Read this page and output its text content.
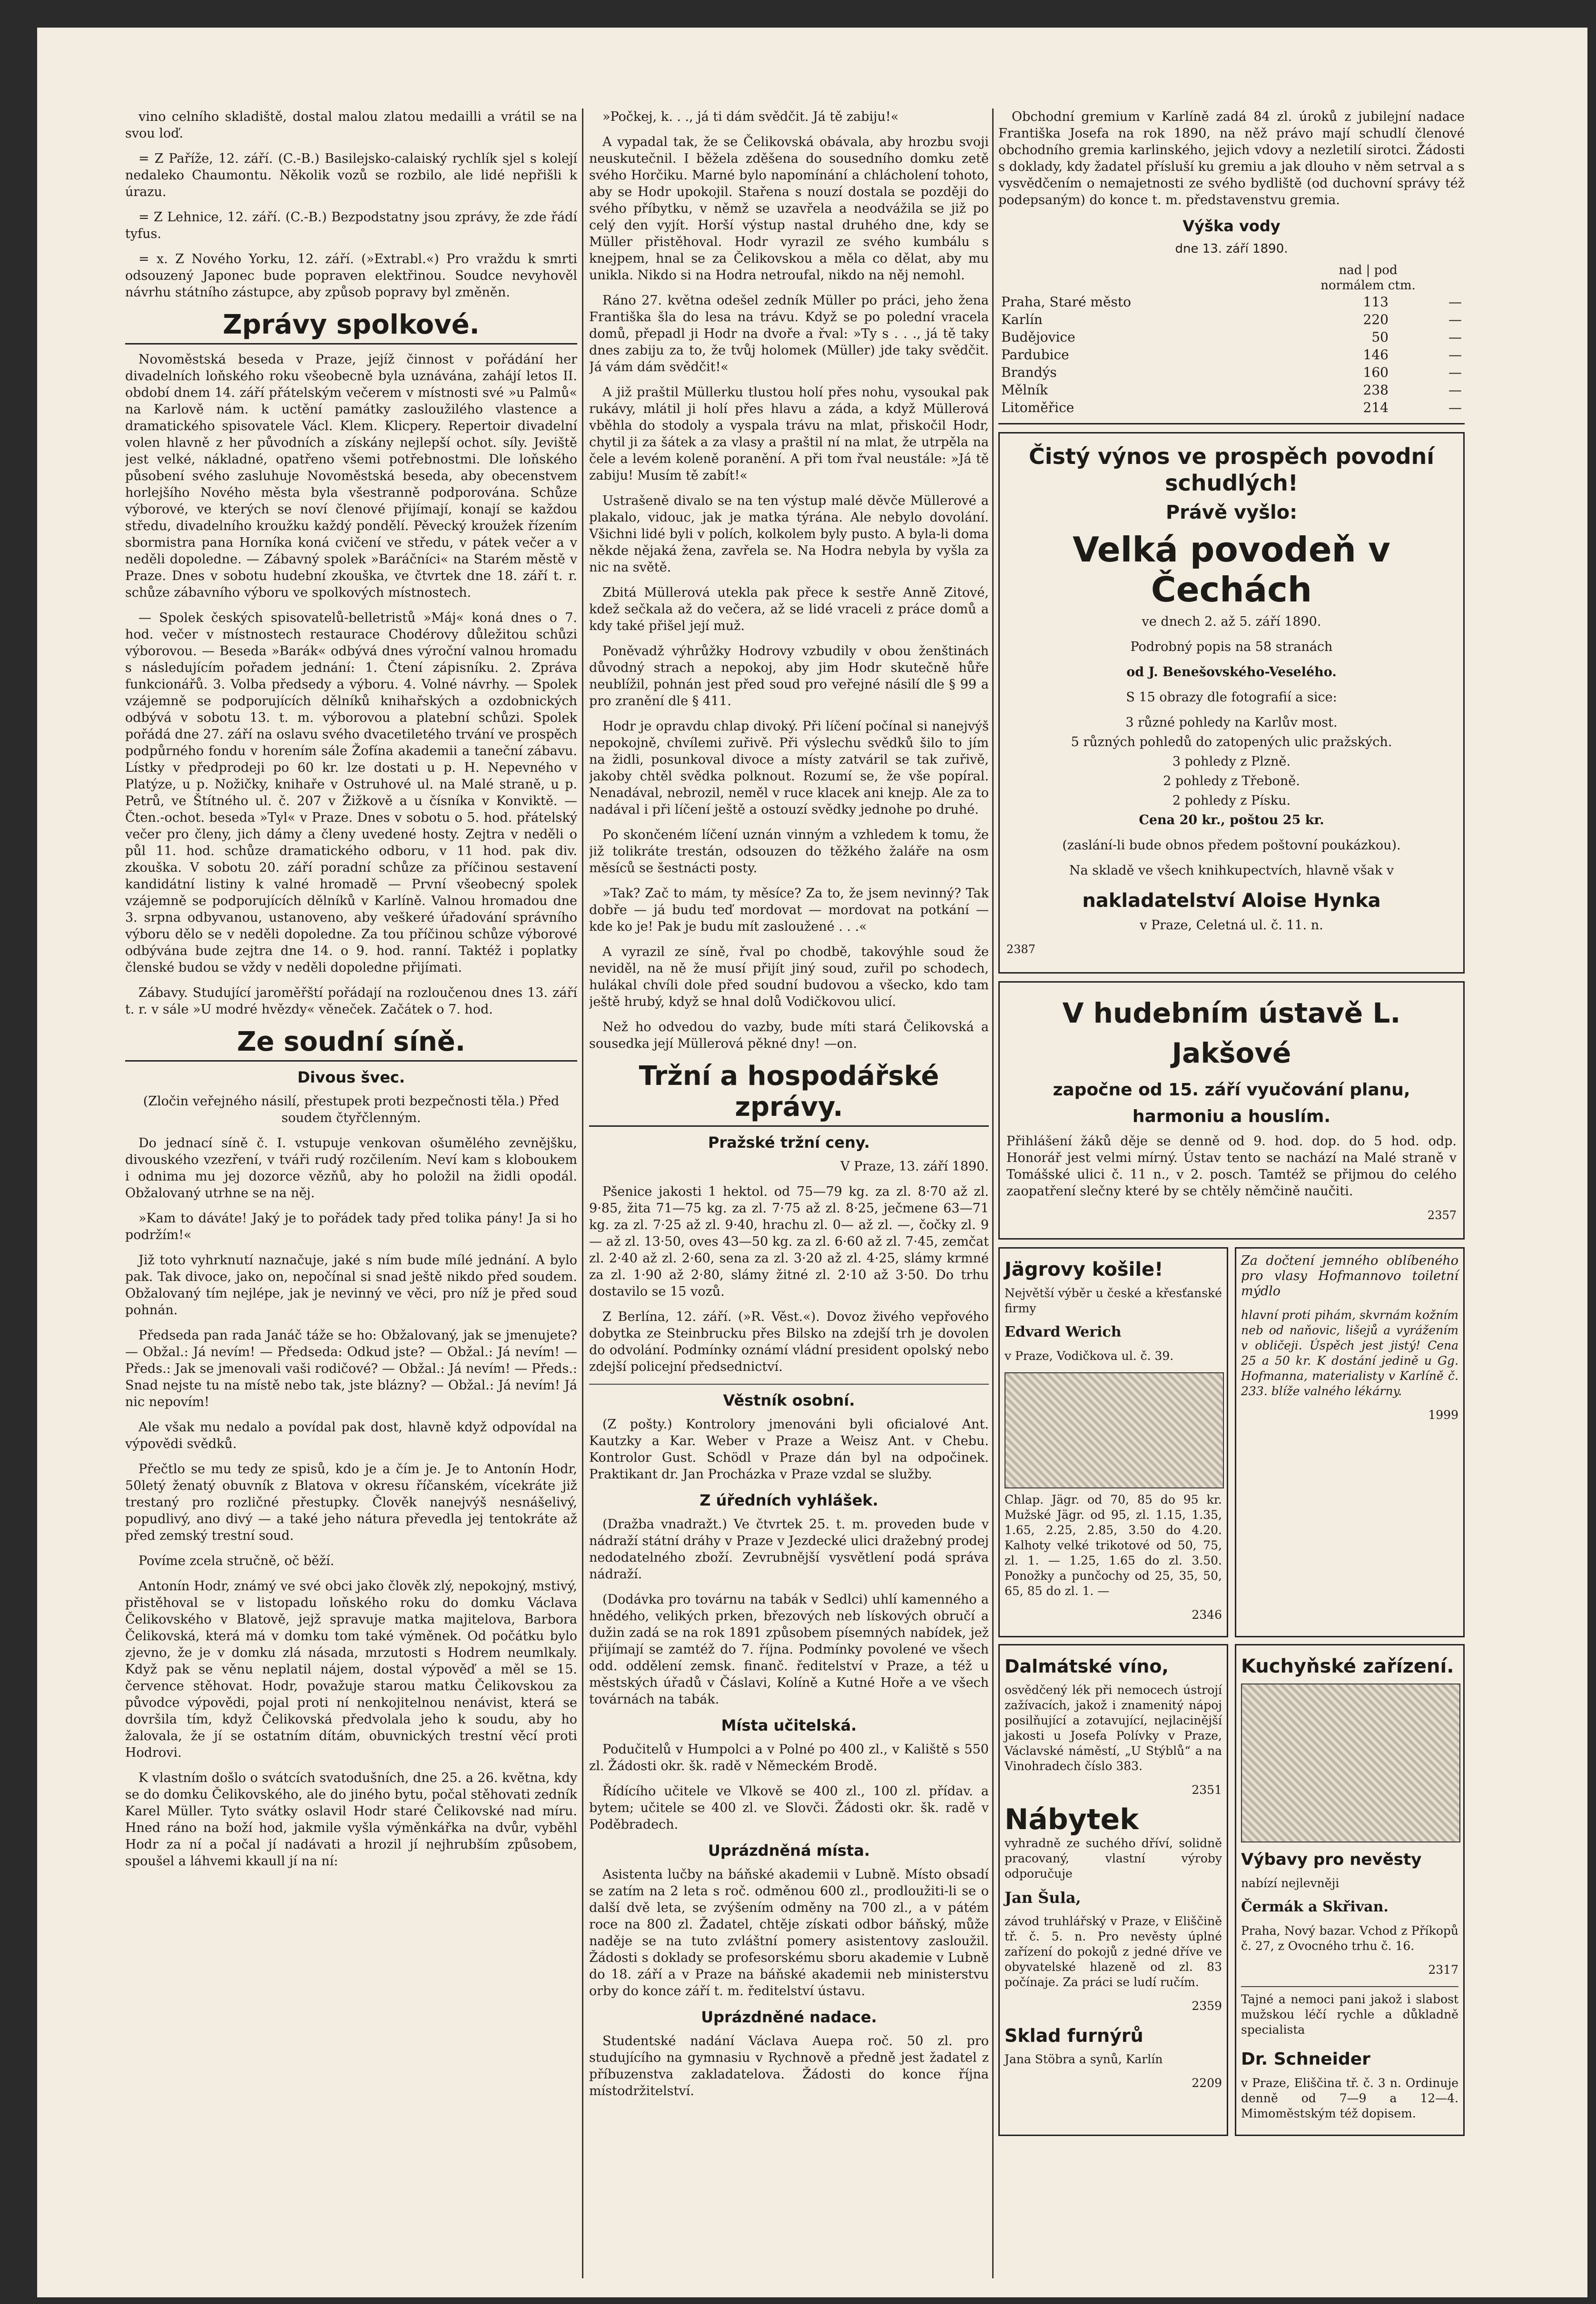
vino celního skladiště, dostal malou zlatou medailli a vrátil se na svou loď.

= Z Paříže, 12. září. (C.-B.) Basilejsko-calaiský rychlík sjel s kolejí nedaleko Chaumontu. Několik vozů se rozbilo, ale lidé nepřišli k úrazu.

= Z Lehnice, 12. září. (C.-B.) Bezpodstatny jsou zprávy, že zde řádí tyfus.

= x. Z Nového Yorku, 12. září. (»Extrabl.«) Pro vraždu k smrti odsouzený Japonec bude popraven elektřinou. Soudce nevyhověl návrhu státního zástupce, aby způsob popravy byl změněn.

Zprávy spolkové.

Novoměstská beseda v Praze, jejíž činnost v pořádání her divadelních loňského roku všeobecně byla uznávána, zahájí letos II. období dnem 14. září přátelským večerem v místnosti své »u Palmů« na Karlově nám. k uctění památky zasloužilého vlastence a dramatického spisovatele Václ. Klem. Klicpery. Repertoir divadelní volen hlavně z her původních a získány nejlepší ochot. síly. Jeviště jest velké, nákladné, opatřeno všemi potřebnostmi. Dle loňského působení svého zasluhuje Novoměstská beseda, aby obecenstvem horlejšího Nového města byla všestranně podporována. Schůze výborové, ve kterých se noví členové přijímají, konají se každou středu, divadelního kroužku každý pondělí. Pěvecký kroužek řízením sbormistra pana Horníka koná cvičení ve středu, v pátek večer a v neděli dopoledne. — Zábavný spolek »Baráčníci« na Starém městě v Praze. Dnes v sobotu hudební zkouška, ve čtvrtek dne 18. září t. r. schůze zábavního výboru ve spolkových místnostech.

— Spolek českých spisovatelů-belletristů »Máj« koná dnes o 7. hod. večer v místnostech restaurace Chodérovy důležitou schůzi výborovou. — Beseda »Barák« odbývá dnes výroční valnou hromadu s následujícím pořadem jednání: 1. Čtení zápisníku. 2. Zpráva funkcionářů. 3. Volba předsedy a výboru. 4. Volné návrhy. — Spolek vzájemně se podporujících dělníků knihařských a ozdobnických odbývá v sobotu 13. t. m. výborovou a platební schůzi. Spolek pořádá dne 27. září na oslavu svého dvacetiletého trvání ve prospěch podpůrného fondu v horením sále Žofína akademii a taneční zábavu. Lístky v předprodeji po 60 kr. lze dostati u p. H. Nepevného v Platýze, u p. Nožičky, knihaře v Ostruhové ul. na Malé straně, u p. Petrů, ve Štítného ul. č. 207 v Žižkově a u čísníka v Konviktě. — Čten.-ochot. beseda »Tyl« v Praze. Dnes v sobotu o 5. hod. přátelský večer pro členy, jich dámy a členy uvedené hosty. Zejtra v neděli o půl 11. hod. schůze dramatického odboru, v 11 hod. pak div. zkouška. V sobotu 20. září poradní schůze za příčinou sestavení kandidátní listiny k valné hromadě — První všeobecný spolek vzájemně se podporujících dělníků v Karlíně. Valnou hromadou dne 3. srpna odbyvanou, ustanoveno, aby veškeré úřadování správního výboru dělo se v neděli dopoledne. Za tou příčinou schůze výborové odbývána bude zejtra dne 14. o 9. hod. ranní. Taktéž i poplatky členské budou se vždy v neděli dopoledne přijímati.

Zábavy. Studující jaroměřští pořádají na rozloučenou dnes 13. září t. r. v sále »U modré hvězdy« věneček. Začátek o 7. hod.

Ze soudní síně.
Divous švec.

(Zločin veřejného násilí, přestupek proti bezpečnosti těla.) Před soudem čtyřčlenným.

Do jednací síně č. I. vstupuje venkovan ošumělého zevnějšku, divouského vzezření, v tváři rudý rozčilením. Neví kam s kloboukem i odnima mu jej dozorce vězňů, aby ho položil na židli opodál. Obžalovaný utrhne se na něj.

»Kam to dáváte! Jaký je to pořádek tady před tolika pány! Ja si ho podržím!«

Již toto vyhrknutí naznačuje, jaké s ním bude mílé jednání. A bylo pak. Tak divoce, jako on, nepočínal si snad ještě nikdo před soudem. Obžalovaný tím nejlépe, jak je nevinný ve věci, pro níž je před soud pohnán.

Předseda pan rada Janáč táže se ho: Obžalovaný, jak se jmenujete? — Obžal.: Já nevím! — Předseda: Odkud jste? — Obžal.: Já nevím! — Předs.: Jak se jmenovali vaši rodičové? — Obžal.: Já nevím! — Předs.: Snad nejste tu na místě nebo tak, jste blázny? — Obžal.: Já nevím! Já nic nepovím!

Ale však mu nedalo a povídal pak dost, hlavně když odpovídal na výpovědi svědků.

Přečtlo se mu tedy ze spisů, kdo je a čím je. Je to Antonín Hodr, 50letý ženatý obuvník z Blatova v okresu říčanském, vícekráte již trestaný pro rozličné přestupky. Člověk nanejvýš nesnášelivý, popudlivý, ano divý — a také jeho nátura převedla jej tentokráte až před zemský trestní soud.

Povíme zcela stručně, oč běží.

Antonín Hodr, známý ve své obci jako člověk zlý, nepokojný, mstivý, přistěhoval se v listopadu loňského roku do domku Václava Čelikovského v Blatově, jejž spravuje matka majitelova, Barbora Čelikovská, která má v domku tom také výměnek. Od počátku bylo zjevno, že je v domku zlá násada, mrzutosti s Hodrem neumlkaly. Když pak se věnu neplatil nájem, dostal výpověď a měl se 15. července stěhovat. Hodr, považuje starou matku Čelikovskou za původce výpovědi, pojal proti ní nenkojitelnou nenávist, která se dovršila tím, když Čelikovská předvolala jeho k soudu, aby ho žalovala, že jí se ostatním dítám, obuvnických trestní věcí proti Hodrovi.

K vlastním došlo o svátcích svatodušních, dne 25. a 26. května, kdy se do domku Čelikovského, ale do jiného bytu, počal stěhovati zedník Karel Müller. Tyto svátky oslavil Hodr staré Čelikovské nad míru. Hned ráno na boží hod, jakmile vyšla výměnkářka na dvůr, vyběhl Hodr za ní a počal jí nadávati a hrozil jí nejhrubším způsobem, spoušel a láhvemi kkaull jí na ní:

»Počkej, k. . ., já ti dám svědčit. Já tě zabiju!«

A vypadal tak, že se Čelikovská obávala, aby hrozbu svoji neuskutečnil. I běžela zděšena do sousedního domku zetě svého Horčiku. Marné bylo napomínání a chlácholení tohoto, aby se Hodr upokojil. Stařena s nouzí dostala se později do svého příbytku, v němž se uzavřela a neodvážila se již po celý den vyjít. Horší výstup nastal druhého dne, kdy se Müller přistěhoval. Hodr vyrazil ze svého kumbálu s knejpem, hnal se za Čelikovskou a měla co dělat, aby mu unikla. Nikdo si na Hodra netroufal, nikdo na něj nemohl.

Ráno 27. května odešel zedník Müller po práci, jeho žena Františka šla do lesa na trávu. Když se po polední vracela domů, přepadl ji Hodr na dvoře a řval: »Ty s . . ., já tě taky dnes zabiju za to, že tvůj holomek (Müller) jde taky svědčit. Já vám dám svědčit!«

A již praštil Müllerku tlustou holí přes nohu, vysoukal pak rukávy, mlátil ji holí přes hlavu a záda, a když Müllerová vběhla do stodoly a vyspala trávu na mlat, přiskočil Hodr, chytil ji za šátek a za vlasy a praštil ní na mlat, že utrpěla na čele a levém koleně poranění. A při tom řval neustále: »Já tě zabiju! Musím tě zabít!«

Ustrašeně divalo se na ten výstup malé děvče Müllerové a plakalo, vidouc, jak je matka týrána. Ale nebylo dovolání. Všichni lidé byli v polích, kolkolem byly pusto. A byla-li doma někde nějaká žena, zavřela se. Na Hodra nebyla by vyšla za nic na světě.

Zbitá Müllerová utekla pak přece k sestře Anně Zitové, kdež sečkala až do večera, až se lidé vraceli z práce domů a kdy také přišel její muž.

Poněvadž výhrůžky Hodrovy vzbudily v obou ženštinách důvodný strach a nepokoj, aby jim Hodr skutečně hůře neublížil, pohnán jest před soud pro veřejné násilí dle § 99 a pro zranění dle § 411.

Hodr je opravdu chlap divoký. Při líčení počínal si nanejvýš nepokojně, chvílemi zuřivě. Při výslechu svědků šilo to jím na židli, posunkoval divoce a místy zatváril se tak zuřivě, jakoby chtěl svědka polknout. Rozumí se, že vše popíral. Nenadával, nebrozil, neměl v ruce klacek ani knejp. Ale za to nadával i při líčení ještě a ostouzí svědky jednohe po druhé.

Po skončeném líčení uznán vinným a vzhledem k tomu, že již tolikráte trestán, odsouzen do těžkého žaláře na osm měsíců se šestnácti posty.

»Tak? Zač to mám, ty měsíce? Za to, že jsem nevinný? Tak dobře — já budu teď mordovat — mordovat na potkání — kde ko je! Pak je budu mít zasloužené . . .«

A vyrazil ze síně, řval po chodbě, takovýhle soud že neviděl, na ně že musí přijít jiný soud, zuřil po schodech, hulákal chvíli dole před soudní budovou a všecko, kdo tam ještě hrubý, když se hnal dolů Vodičkovou ulicí.

Než ho odvedou do vazby, bude míti stará Čelikovská a sousedka její Müllerová pěkné dny! —on.

Tržní a hospodářské zprávy.
Pražské tržní ceny.

V Praze, 13. září 1890.

Pšenice jakosti 1 hektol. od 75—79 kg. za zl. 8·70 až zl. 9·85, žita 71—75 kg. za zl. 7·75 až zl. 8·25, ječmene 63—71 kg. za zl. 7·25 až zl. 9·40, hrachu zl. 0— až zl. —, čočky zl. 9— až zl. 13·50, oves 43—50 kg. za zl. 6·60 až zl. 7·45, zemčat zl. 2·40 až zl. 2·60, sena za zl. 3·20 až zl. 4·25, slámy krmné za zl. 1·90 až 2·80, slámy žitné zl. 2·10 až 3·50. Do trhu dostavilo se 15 vozů.

Z Berlína, 12. září. (»R. Věst.«). Dovoz živého vepřového dobytka ze Steinbrucku přes Bilsko na zdejší trh je dovolen do odvolání. Podmínky oznámí vládní president opolský nebo zdejší policejní předsednictví.

Věstník osobní.

(Z pošty.) Kontrolory jmenováni byli oficialové Ant. Kautzky a Kar. Weber v Praze a Weisz Ant. v Chebu. Kontrolor Gust. Schödl v Praze dán byl na odpočinek. Praktikant dr. Jan Procházka v Praze vzdal se služby.

Z úředních vyhlášek.

(Dražba vnadražt.) Ve čtvrtek 25. t. m. proveden bude v nádraží státní dráhy v Praze v Jezdecké ulici dražebný prodej nedodatelného zboží. Zevrubnější vysvětlení podá správa nádraží.

(Dodávka pro továrnu na tabák v Sedlci) uhlí kamenného a hnědého, velikých prken, březových neb lískových obručí a dužin zadá se na rok 1891 způsobem písemných nabídek, jež přijímají se zamtéž do 7. října. Podmínky povolené ve všech odd. oddělení zemsk. finanč. ředitelství v Praze, a též u městských úřadů v Čáslavi, Kolíně a Kutné Hoře a ve všech továrnách na tabák.

Místa učitelská.

Podučitelů v Humpolci a v Polné po 400 zl., v Kaliště s 550 zl. Žádosti okr. šk. radě v Německém Brodě.

Řídícího učitele ve Vlkově se 400 zl., 100 zl. přídav. a bytem; učitele se 400 zl. ve Slovči. Žádosti okr. šk. radě v Poděbradech.

Uprázdněná místa.

Asistenta lučby na báňské akademii v Lubně. Místo obsadí se zatím na 2 leta s roč. odměnou 600 zl., prodloužiti-li se o další dvě leta, se zvýšením odměny na 700 zl., a v pátém roce na 800 zl. Žadatel, chtěje získati odbor báňský, může naděje se na tuto zvláštní pomery asistentovy zasloužil. Žádosti s doklady se profesorskému sboru akademie v Lubně do 18. září a v Praze na báňské akademii neb ministerstvu orby do konce září t. m. ředitelství ústavu.

Uprázdněné nadace.

Studentské nadání Václava Aueра roč. 50 zl. pro studujícího na gymnasiu v Rychnově a předně jest žadatel z příbuzenstva zakladatelova. Žádosti do konce října místodržitelství.

Obchodní gremium v Karlíně zadá 84 zl. úroků z jubilejní nadace Františka Josefa na rok 1890, na něž právo mají schudlí členové obchodního gremia karlinského, jejich vdovy a nezletilí sirotci. Žádosti s doklady, kdy žadatel přísluší ku gremiu a jak dlouho v něm setrval a s vysvědčením o nemajetnosti ze svého bydliště (od duchovní správy též podepsaným) do konce t. m. představenstvu gremia.

Výška vody
dne 13. září 1890.
	nad | pod	
	normálem ctm.	
Praha, Staré město	113	—
Karlín	220	—
Budějovice	50	—
Pardubice	146	—
Brandýs	160	—
Mělník	238	—
Litoměřice	214	—
Čistý výnos ve prospěch povodní schudlých!
Právě vyšlo:
Velká povodeň v Čechách

ve dnech 2. až 5. září 1890.

Podrobný popis na 58 stranách

od J. Benešovského-Veselého.

S 15 obrazy dle fotografií a sice:

3 různé pohledy na Karlův most.

5 různých pohledů do zatopených ulic pražských.

3 pohledy z Plzně.

2 pohledy z Třeboně.

2 pohledy z Písku.

Cena 20 kr., poštou 25 kr.

(zaslání-li bude obnos předem poštovní poukázkou).

Na skladě ve všech knihkupectvích, hlavně však v

nakladatelství Aloise Hynka

v Praze, Celetná ul. č. 11. n.

2387

V hudebním ústavě L. Jakšové
započne od 15. září vyučování planu, harmoniu a houslím.

Přihlášení žáků děje se denně od 9. hod. dop. do 5 hod. odp. Honorář jest velmi mírný. Ústav tento se nachází na Malé straně v Tomášské ulici č. 11 n., v 2. posch. Tamtéž se přijmou do celého zaopatření slečny které by se chtěly němčině naučiti.

2357

Jägrovy košile!

Největší výběr u české a křesťanské firmy

Edvard Werich

v Praze, Vodičkova ul. č. 39.

Chlap. Jägr. od 70, 85 do 95 kr. Mužské Jägr. od 95, zl. 1.15, 1.35, 1.65, 2.25, 2.85, 3.50 do 4.20. Kalhoty velké trikotové od 50, 75, zl. 1. — 1.25, 1.65 do zl. 3.50. Ponožky a punčochy od 25, 35, 50, 65, 85 do zl. 1. —

2346

Za dočtení jemného oblíbeného pro vlasy Hofmannovo toiletní mýdlo

hlavní proti pihám, skvrnám kožním neb od naňovic, lišejů a vyrážením v obličeji. Úspěch jest jistý! Cena 25 a 50 kr. K dostání jedině u Gg. Hofmanna, materialisty v Karlíně č. 233. blíže valného lékárny.

1999

Dalmátské víno,

osvědčený lék při nemocech ústrojí zažívacích, jakož i znamenitý nápoj posilňující a zotavující, nejlacinější jakosti u Josefa Polívky v Praze, Václavské náměstí, „U Stýblů“ a na Vinohradech číslo 383.

2351

Nábytek

vyhradně ze suchého dříví, solidně pracovaný, vlastní výroby odporučuje

Jan Šula,

závod truhlářský v Praze, v Eliščině tř. č. 5. n. Pro nevěsty úplné zařízení do pokojů z jedné dříve ve obyvatelské hlazeně od zl. 83 počínaje. Za práci se ludí ručím.

2359

Sklad furnýrů

Jana Stöbra a synů, Karlín

2209

Kuchyňské zařízení.
Výbavy pro nevěsty

nabízí nejlevněji

Čermák a Skřivan.

Praha, Nový bazar. Vchod z Příkopů č. 27, z Ovocného trhu č. 16.

2317

Tajné a nemoci pani jakož i slabost mužskou léčí rychle a důkladně specialista

Dr. Schneider

v Praze, Eliščina tř. č. 3 n. Ordinuje denně od 7—9 a 12—4. Mimoměstským též dopisem.
